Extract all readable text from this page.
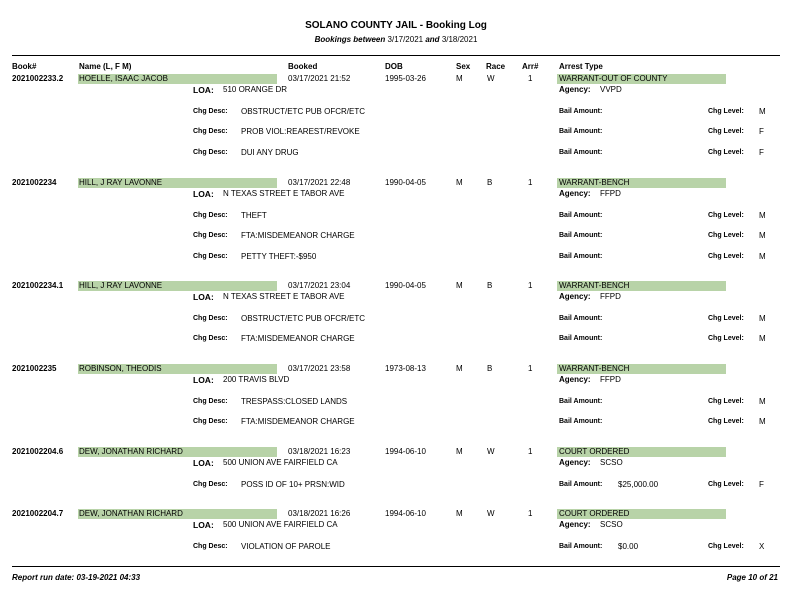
SOLANO COUNTY JAIL - Booking Log
Bookings between 3/17/2021 and 3/18/2021
Book#	Name (L, F M)	Booked	DOB	Sex Race Arr#	Arrest Type
2021002233.2 HOELLE, ISAAC JACOB	03/17/2021 21:52	1995-03-26	M	W	1	WARRANT-OUT OF COUNTY
LOA: 510 ORANGE DR	Agency: VVPD
Chg Desc: OBSTRUCT/ETC PUB OFCR/ETC	Bail Amount:	Chg Level: M
Chg Desc: PROB VIOL:REAREST/REVOKE	Bail Amount:	Chg Level: F
Chg Desc: DUI ANY DRUG	Bail Amount:	Chg Level: F
2021002234	HILL, J RAY LAVONNE	03/17/2021 22:48	1990-04-05	M	B	1	WARRANT-BENCH
LOA: N TEXAS STREET E TABOR AVE	Agency: FFPD
Chg Desc: THEFT	Bail Amount:	Chg Level: M
Chg Desc: FTA:MISDEMEANOR CHARGE	Bail Amount:	Chg Level: M
Chg Desc: PETTY THEFT:-$950	Bail Amount:	Chg Level: M
2021002234.1 HILL, J RAY LAVONNE	03/17/2021 23:04	1990-04-05	M	B	1	WARRANT-BENCH
LOA: N TEXAS STREET E TABOR AVE	Agency: FFPD
Chg Desc: OBSTRUCT/ETC PUB OFCR/ETC	Bail Amount:	Chg Level: M
Chg Desc: FTA:MISDEMEANOR CHARGE	Bail Amount:	Chg Level: M
2021002235	ROBINSON, THEODIS	03/17/2021 23:58	1973-08-13	M	B	1	WARRANT-BENCH
LOA: 200 TRAVIS BLVD	Agency: FFPD
Chg Desc: TRESPASS:CLOSED LANDS	Bail Amount:	Chg Level: M
Chg Desc: FTA:MISDEMEANOR CHARGE	Bail Amount:	Chg Level: M
2021002204.6 DEW, JONATHAN RICHARD	03/18/2021 16:23	1994-06-10	M	W	1	COURT ORDERED
LOA: 500 UNION AVE FAIRFIELD CA	Agency: SCSO
Chg Desc: POSS ID OF 10+ PRSN:WID	Bail Amount: $25,000.00	Chg Level: F
2021002204.7 DEW, JONATHAN RICHARD	03/18/2021 16:26	1994-06-10	M	W	1	COURT ORDERED
LOA: 500 UNION AVE FAIRFIELD CA	Agency: SCSO
Chg Desc: VIOLATION OF PAROLE	Bail Amount: $0.00	Chg Level: X
Report run date: 03-19-2021 04:33	Page 10 of 21
